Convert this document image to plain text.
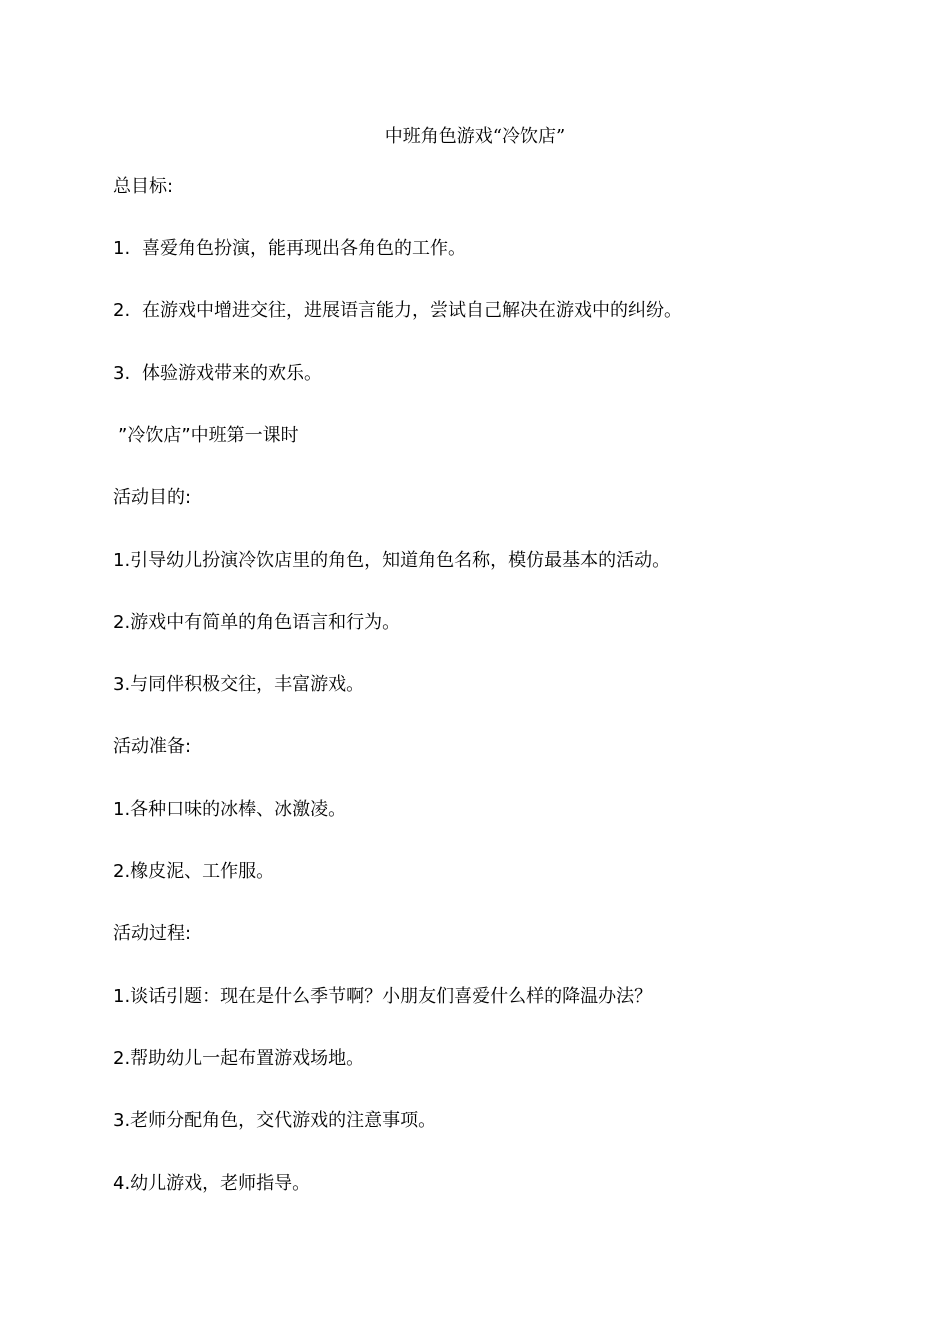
中班角色游戏“冷饮店”
总目标:
1. 喜爱角色扮演，能再现出各角色的工作。
2. 在游戏中增进交往，进展语言能力，尝试自己解决在游戏中的纠纷。
3. 体验游戏带来的欢乐。
”冷饮店”中班第一课时
活动目的:
1.引导幼儿扮演冷饮店里的角色，知道角色名称，模仿最基本的活动。
2.游戏中有简单的角色语言和行为。
3.与同伴积极交往，丰富游戏。
活动准备:
1.各种口味的冰棒、冰激凌。
2.橡皮泥、工作服。
活动过程:
1.谈话引题：现在是什么季节啊？小朋友们喜爱什么样的降温办法？
2.帮助幼儿一起布置游戏场地。
3.老师分配角色，交代游戏的注意事项。
4.幼儿游戏，老师指导。
